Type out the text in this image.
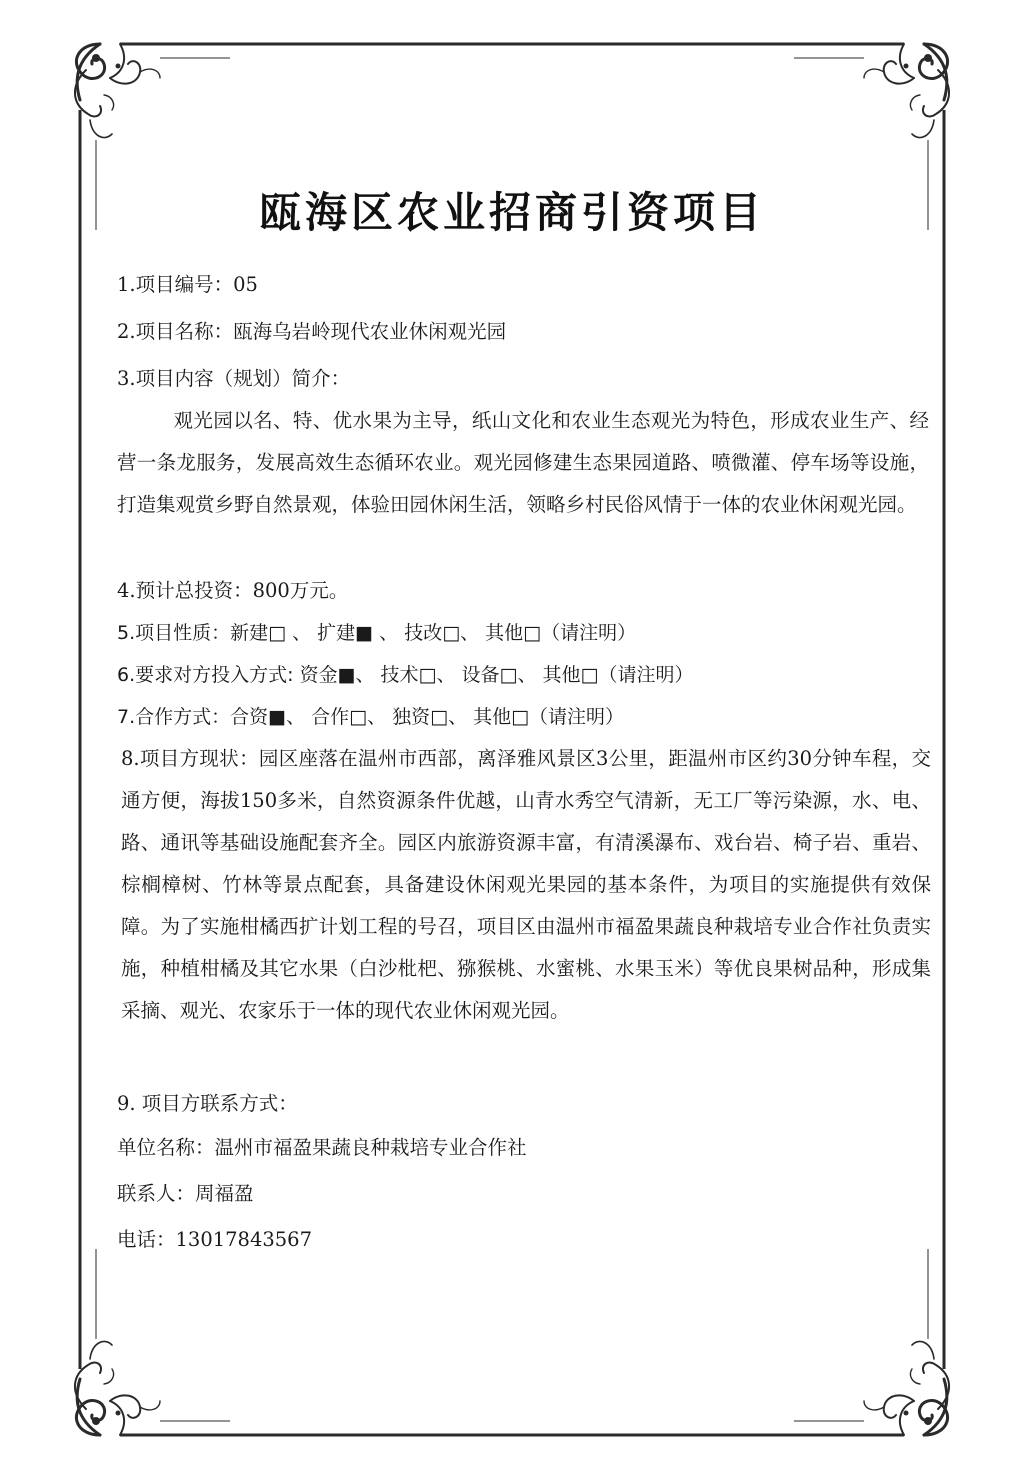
瓯海区农业招商引资项目
1.项目编号：05
2.项目名称：瓯海乌岩岭现代农业休闲观光园
3.项目内容（规划）简介：
观光园以名、特、优水果为主导，纸山文化和农业生态观光为特色，形成农业生产、经营一条龙服务，发展高效生态循环农业。观光园修建生态果园道路、喷微灌、停车场等设施，打造集观赏乡野自然景观，体验田园休闲生活，领略乡村民俗风情于一体的农业休闲观光园。
4.预计总投资：800万元。
5.项目性质：新建□ 、 扩建■ 、 技改□、 其他□（请注明）
6.要求对方投入方式: 资金■、 技术□、 设备□、 其他□（请注明）
7.合作方式：合资■、 合作□、 独资□、 其他□（请注明）
8.项目方现状：园区座落在温州市西部，离泽雅风景区3公里，距温州市区约30分钟车程，交通方便，海拔150多米，自然资源条件优越，山青水秀空气清新，无工厂等污染源，水、电、路、通讯等基础设施配套齐全。园区内旅游资源丰富，有清溪瀑布、戏台岩、椅子岩、重岩、棕榈樟树、竹林等景点配套，具备建设休闲观光果园的基本条件，为项目的实施提供有效保障。为了实施柑橘西扩计划工程的号召，项目区由温州市福盈果蔬良种栽培专业合作社负责实施，种植柑橘及其它水果（白沙枇杷、猕猴桃、水蜜桃、水果玉米）等优良果树品种，形成集采摘、观光、农家乐于一体的现代农业休闲观光园。
9. 项目方联系方式：
单位名称：温州市福盈果蔬良种栽培专业合作社
联系人：周福盈
电话：13017843567
